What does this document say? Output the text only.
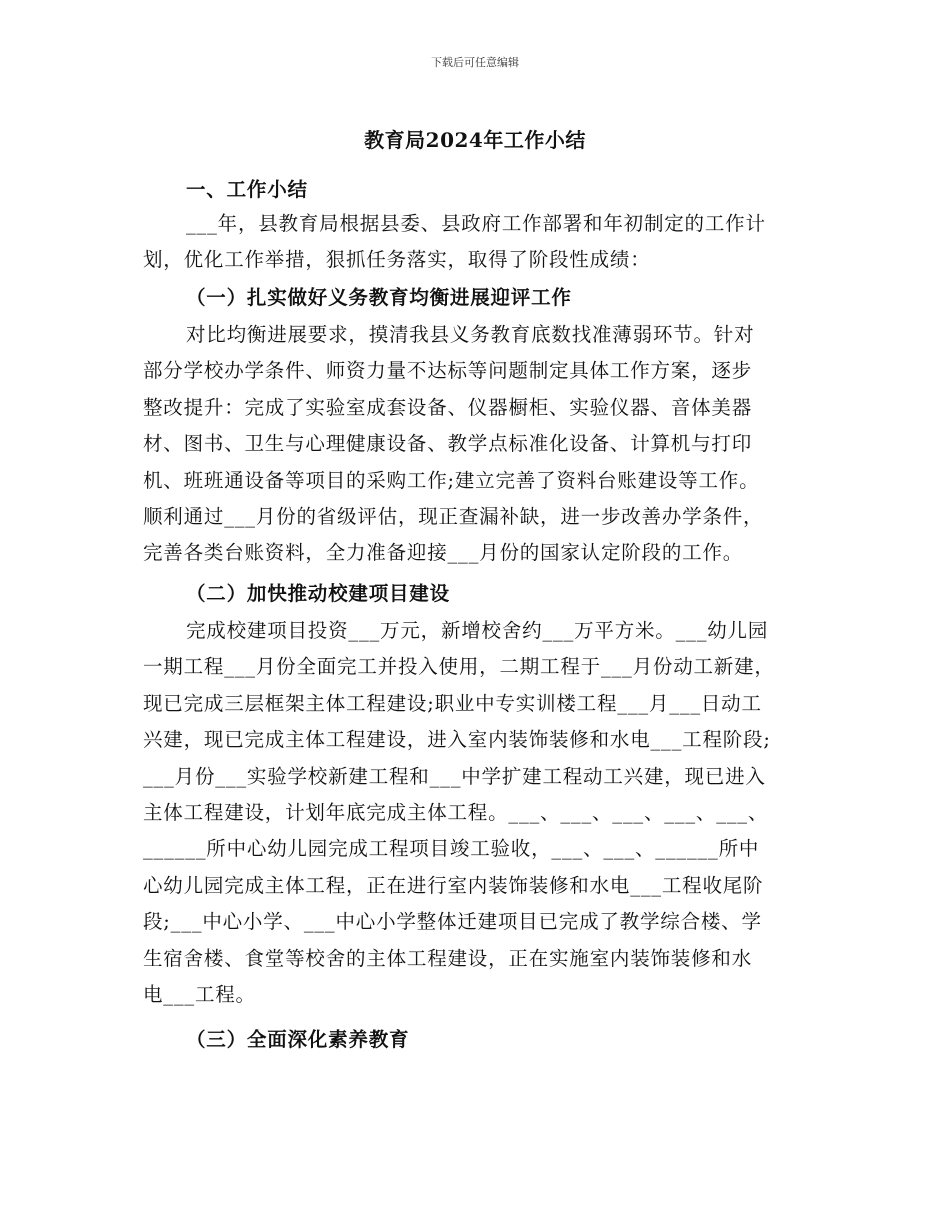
下载后可任意编辑
教育局2024年工作小结
一、工作小结
___年，县教育局根据县委、县政府工作部署和年初制定的工作计
划，优化工作举措，狠抓任务落实，取得了阶段性成绩：
（一）扎实做好义务教育均衡进展迎评工作
对比均衡进展要求，摸清我县义务教育底数找准薄弱环节。针对
部分学校办学条件、师资力量不达标等问题制定具体工作方案，逐步
整改提升：完成了实验室成套设备、仪器橱柜、实验仪器、音体美器
材、图书、卫生与心理健康设备、教学点标准化设备、计算机与打印
机、班班通设备等项目的采购工作;建立完善了资料台账建设等工作。
顺利通过___月份的省级评估，现正查漏补缺，进一步改善办学条件，
完善各类台账资料，全力准备迎接___月份的国家认定阶段的工作。
（二）加快推动校建项目建设
完成校建项目投资___万元，新增校舍约___万平方米。___幼儿园
一期工程___月份全面完工并投入使用，二期工程于___月份动工新建，
现已完成三层框架主体工程建设;职业中专实训楼工程___月___日动工
兴建，现已完成主体工程建设，进入室内装饰装修和水电___工程阶段;
___月份___实验学校新建工程和___中学扩建工程动工兴建，现已进入
主体工程建设，计划年底完成主体工程。___、___、___、___、___、
______所中心幼儿园完成工程项目竣工验收，___、___、______所中
心幼儿园完成主体工程，正在进行室内装饰装修和水电___工程收尾阶
段;___中心小学、___中心小学整体迁建项目已完成了教学综合楼、学
生宿舍楼、食堂等校舍的主体工程建设，正在实施室内装饰装修和水
电___工程。
（三）全面深化素养教育
